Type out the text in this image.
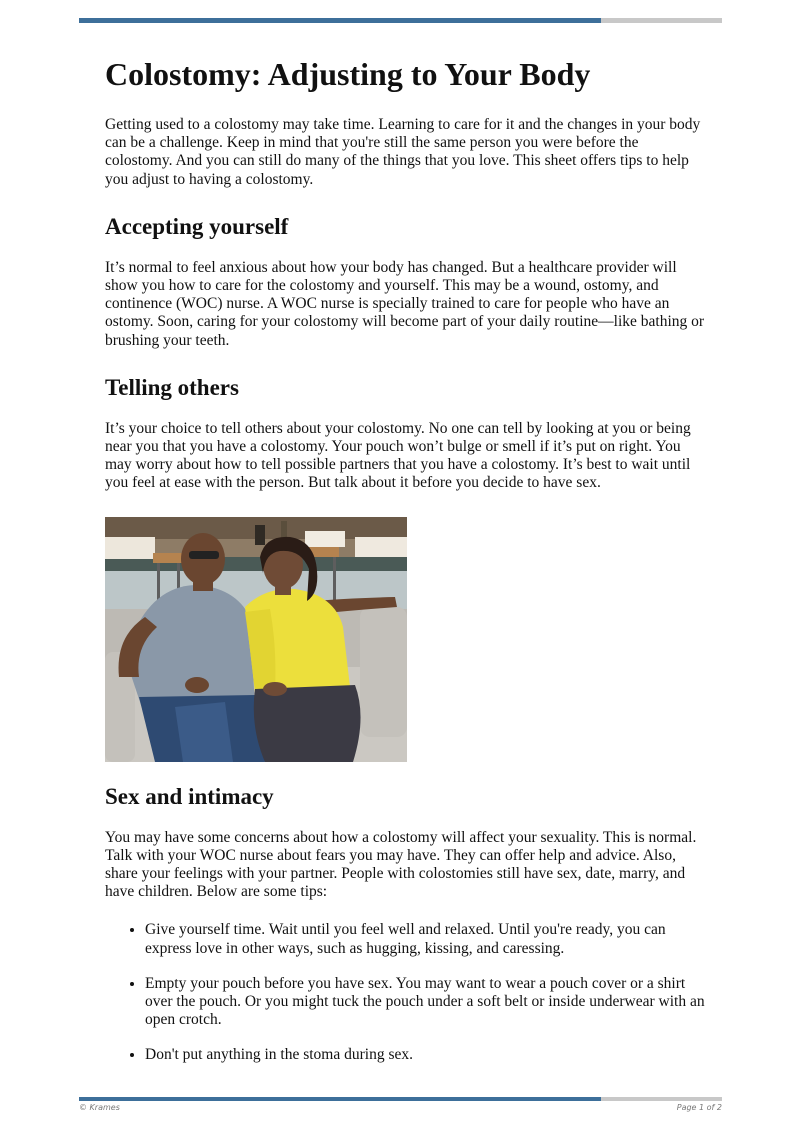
Colostomy: Adjusting to Your Body

Getting used to a colostomy may take time. Learning to care for it and the changes in your body can be a challenge. Keep in mind that you're still the same person you were before the colostomy. And you can still do many of the things that you love. This sheet offers tips to help you adjust to having a colostomy.

Accepting yourself

It’s normal to feel anxious about how your body has changed. But a healthcare provider will show you how to care for the colostomy and yourself. This may be a wound, ostomy, and continence (WOC) nurse. A WOC nurse is specially trained to care for people who have an ostomy. Soon, caring for your colostomy will become part of your daily routine—like bathing or brushing your teeth.

Telling others

It’s your choice to tell others about your colostomy. No one can tell by looking at you or being near you that you have a colostomy. Your pouch won’t bulge or smell if it’s put on right. You may worry about how to tell possible partners that you have a colostomy. It’s best to wait until you feel at ease with the person. But talk about it before you decide to have sex.

Sex and intimacy

You may have some concerns about how a colostomy will affect your sexuality. This is normal. Talk with your WOC nurse about fears you may have. They can offer help and advice. Also, share your feelings with your partner. People with colostomies still have sex, date, marry, and have children. Below are some tips:

• Give yourself time. Wait until you feel well and relaxed. Until you're ready, you can express love in other ways, such as hugging, kissing, and caressing.
• Empty your pouch before you have sex. You may want to wear a pouch cover or a shirt over the pouch. Or you might tuck the pouch under a soft belt or inside underwear with an open crotch.
• Don't put anything in the stoma during sex.
© Krames	Page 1 of 2
